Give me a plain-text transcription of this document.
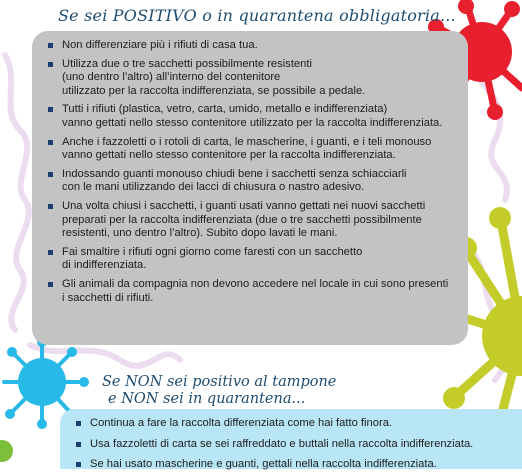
Se sei POSITIVO o in quarantena obbligatoria...
Non differenziare più i rifiuti di casa tua.
Utilizza due o tre sacchetti possibilmente resistenti
(uno dentro l’altro) all’interno del contenitore
utilizzato per la raccolta indifferenziata, se possibile a pedale.
Tutti i rifiuti (plastica, vetro, carta, umido, metallo e indifferenziata)
vanno gettati nello stesso contenitore utilizzato per la raccolta indifferenziata.
Anche i fazzoletti o i rotoli di carta, le mascherine, i guanti, e i teli monouso
vanno gettati nello stesso contenitore per la raccolta indifferenziata.
Indossando guanti monouso chiudi bene i sacchetti senza schiacciarli
con le mani utilizzando dei lacci di chiusura o nastro adesivo.
Una volta chiusi i sacchetti, i guanti usati vanno gettati nei nuovi sacchetti
preparati per la raccolta indifferenziata (due o tre sacchetti possibilmente
resistenti, uno dentro l’altro). Subito dopo lavati le mani.
Fai smaltire i rifiuti ogni giorno come faresti con un sacchetto
di indifferenziata.
Gli animali da compagnia non devono accedere nel locale in cui sono presenti
i sacchetti di rifiuti.
Se NON sei positivo al tampone
e NON sei in quarantena...
Continua a fare la raccolta differenziata come hai fatto finora.
Usa fazzoletti di carta se sei raffreddato e buttali nella raccolta indifferenziata.
Se hai usato mascherine e guanti, gettali nella raccolta indifferenziata.
